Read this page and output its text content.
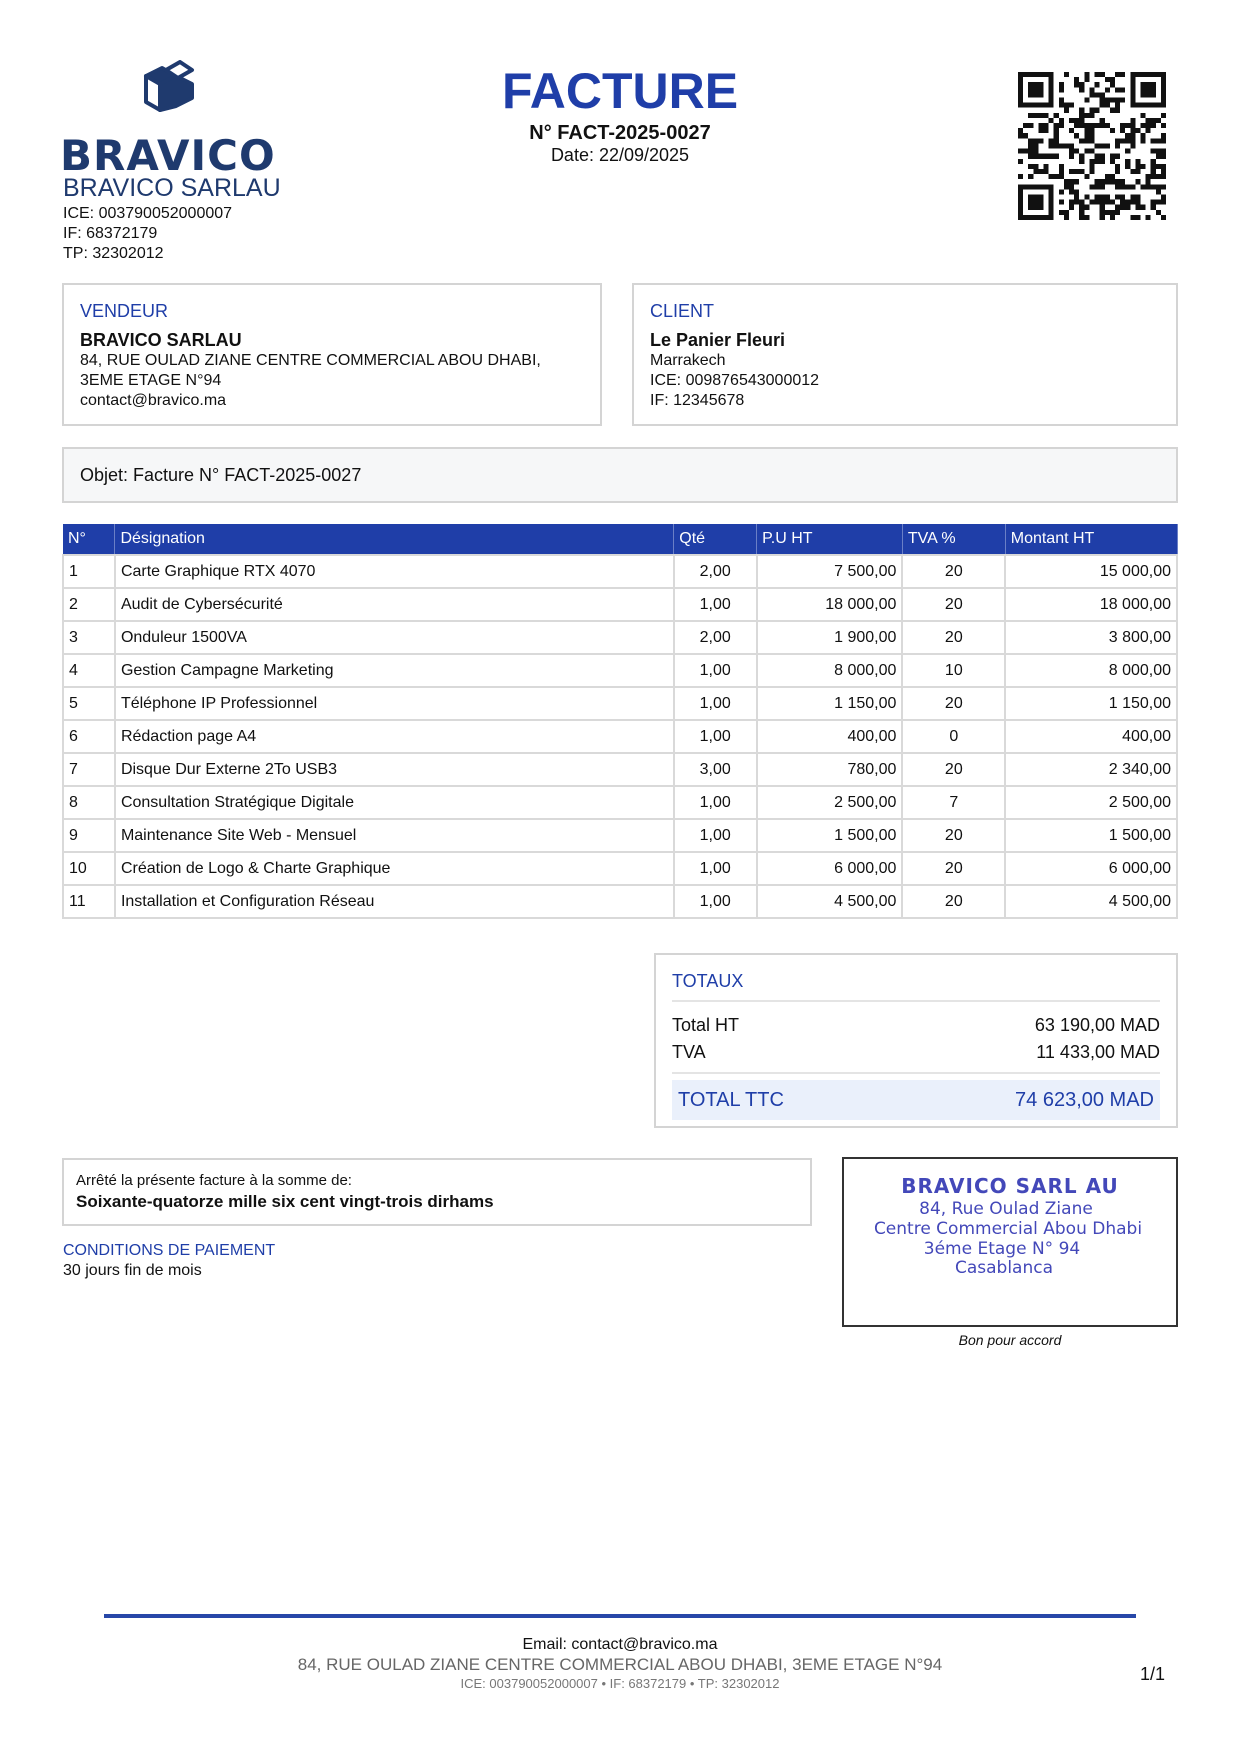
BRAVICO
BRAVICO SARLAU
ICE: 003790052000007
IF: 68372179
TP: 32302012
FACTURE
N° FACT-2025-0027
Date: 22/09/2025
VENDEUR
BRAVICO SARLAU
84, RUE OULAD ZIANE CENTRE COMMERCIAL ABOU DHABI,
3EME ETAGE N°94
contact@bravico.ma
CLIENT
Le Panier Fleuri
Marrakech
ICE: 009876543000012
IF: 12345678
Objet: Facture N° FACT-2025-0027
N°	Désignation	Qté	P.U HT	TVA %	Montant HT
1	Carte Graphique RTX 4070	2,00	7 500,00	20	15 000,00
2	Audit de Cybersécurité	1,00	18 000,00	20	18 000,00
3	Onduleur 1500VA	2,00	1 900,00	20	3 800,00
4	Gestion Campagne Marketing	1,00	8 000,00	10	8 000,00
5	Téléphone IP Professionnel	1,00	1 150,00	20	1 150,00
6	Rédaction page A4	1,00	400,00	0	400,00
7	Disque Dur Externe 2To USB3	3,00	780,00	20	2 340,00
8	Consultation Stratégique Digitale	1,00	2 500,00	7	2 500,00
9	Maintenance Site Web - Mensuel	1,00	1 500,00	20	1 500,00
10	Création de Logo & Charte Graphique	1,00	6 000,00	20	6 000,00
11	Installation et Configuration Réseau	1,00	4 500,00	20	4 500,00
TOTAUX
Total HT	63 190,00 MAD
TVA	11 433,00 MAD
TOTAL TTC	74 623,00 MAD
Arrêté la présente facture à la somme de:
Soixante-quatorze mille six cent vingt-trois dirhams
CONDITIONS DE PAIEMENT
30 jours fin de mois
BRAVICO SARL AU
84, Rue Oulad Ziane
Centre Commercial Abou Dhabi
3éme Etage N° 94
Casablanca
Bon pour accord
Email: contact@bravico.ma
84, RUE OULAD ZIANE CENTRE COMMERCIAL ABOU DHABI, 3EME ETAGE N°94
ICE: 003790052000007 • IF: 68372179 • TP: 32302012	1/1
